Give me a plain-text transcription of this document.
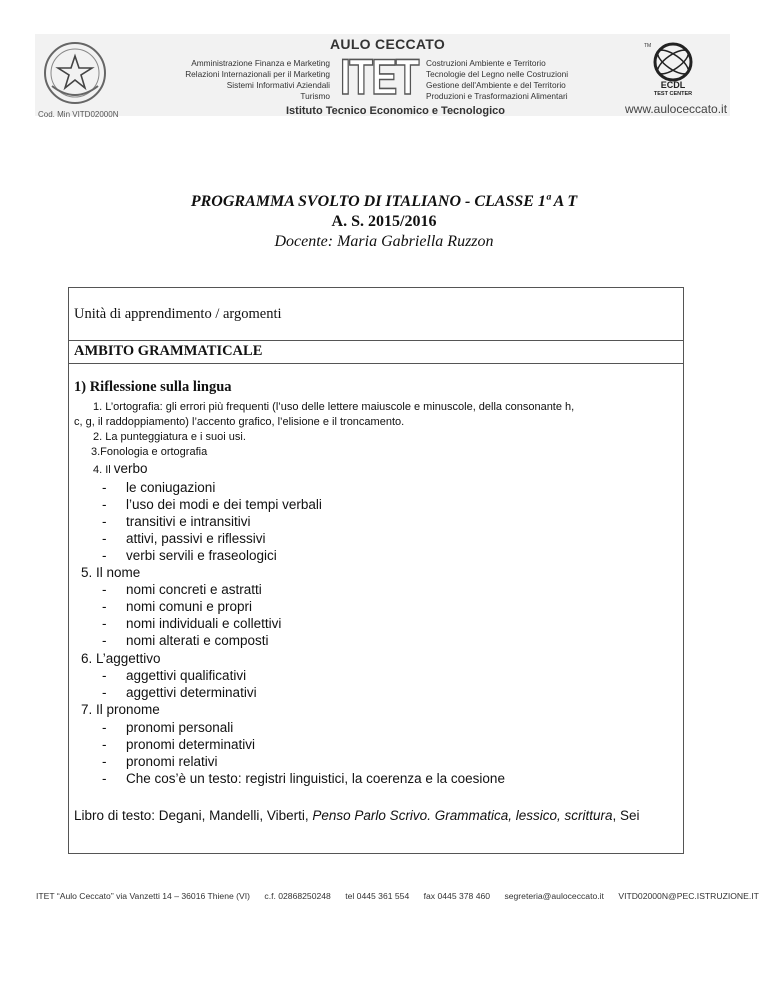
Cod. Min VITD02000N
AULO CECCATO
Amministrazione Finanza e Marketing
Relazioni Internazionali per il Marketing
Sistemi Informativi Aziendali
Turismo ITET Costruzioni Ambiente e Territorio
Tecnologie del Legno nelle Costruzioni
Gestione dell'Ambiente e del Territorio
Produzioni e Trasformazioni Alimentari
Istituto Tecnico Economico e Tecnologico
TM
ECDL
TEST CENTER
www.auloceccato.it
PROGRAMMA SVOLTO DI ITALIANO - CLASSE 1ª A T
A. S. 2015/2016
Docente: Maria Gabriella Ruzzon
Unità di apprendimento / argomenti
AMBITO GRAMMATICALE
1) Riflessione sulla lingua
1. L’ortografia: gli errori più frequenti (l’uso delle lettere maiuscole e minuscole, della consonante h,
c, g, il raddoppiamento) l’accento grafico, l’elisione e il troncamento.
2. La punteggiatura e i suoi usi.
3.Fonologia e ortografia
4. Il verbo
- le coniugazioni
- l’uso dei modi e dei tempi verbali
- transitivi e intransitivi
- attivi, passivi e riflessivi
- verbi servili e fraseologici
5. Il nome
- nomi concreti e astratti
- nomi comuni e propri
- nomi individuali e collettivi
- nomi alterati e composti
6. L’aggettivo
- aggettivi qualificativi
- aggettivi determinativi
7. Il pronome
- pronomi personali
- pronomi determinativi
- pronomi relativi
- Che cos’è un testo: registri linguistici, la coerenza e la coesione
Libro di testo: Degani, Mandelli, Viberti, Penso Parlo Scrivo. Grammatica, lessico, scrittura, Sei
ITET “Aulo Ceccato” via Vanzetti 14 – 36016 Thiene (VI) c.f. 02868250248 tel 0445 361 554 fax 0445 378 460 segreteria@auloceccato.it VITD02000N@PEC.ISTRUZIONE.IT
